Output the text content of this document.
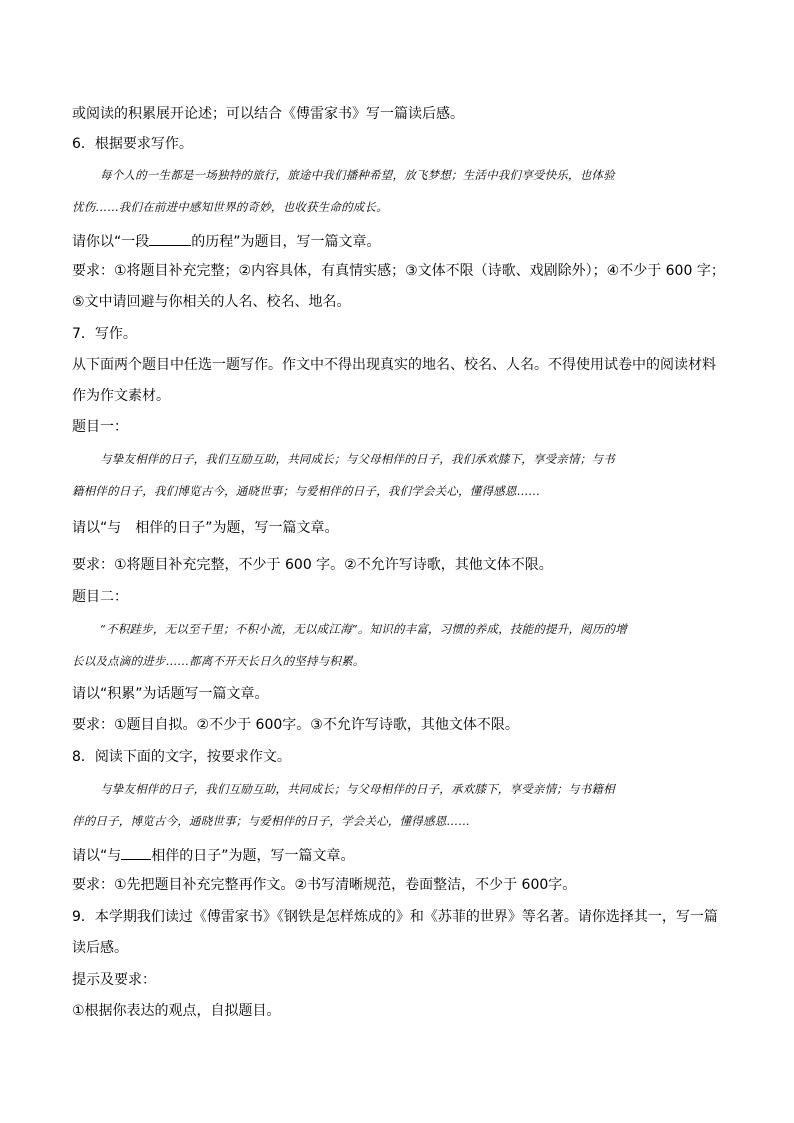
或阅读的积累展开论述；可以结合《傅雷家书》写一篇读后感。
6．根据要求写作。
每个人的一生都是一场独特的旅行，旅途中我们播种希望，放飞梦想；生活中我们享受快乐，也体验
忧伤……我们在前进中感知世界的奇妙，也收获生命的成长。
请你以“一段	的历程”为题目，写一篇文章。
要求：①将题目补充完整；②内容具体，有真情实感；③文体不限（诗歌、戏剧除外）；④不少于 600 字；
⑤文中请回避与你相关的人名、校名、地名。
7．写作。
从下面两个题目中任选一题写作。作文中不得出现真实的地名、校名、人名。不得使用试卷中的阅读材料
作为作文素材。
题目一：
与挚友相伴的日子，我们互励互助，共同成长；与父母相伴的日子，我们承欢膝下，享受亲情；与书
籍相伴的日子，我们博览古今，通晓世事；与爱相伴的日子，我们学会关心，懂得感恩……
请以“与　相伴的日子”为题，写一篇文章。
要求：①将题目补充完整，不少于 600 字。②不允许写诗歌，其他文体不限。
题目二：
“不积跬步，无以至千里；不积小流，无以成江海”。知识的丰富，习惯的养成，技能的提升，阅历的增
长以及点滴的进步……都离不开天长日久的坚持与积累。
请以“积累”为话题写一篇文章。
要求：①题目自拟。②不少于 600字。③不允许写诗歌，其他文体不限。
8．阅读下面的文字，按要求作文。
与挚友相伴的日子，我们互励互助，共同成长；与父母相伴的日子，承欢膝下，享受亲情；与书籍相
伴的日子，博览古今，通晓世事；与爱相伴的日子，学会关心，懂得感恩……
请以“与 相伴的日子”为题，写一篇文章。
要求：①先把题目补充完整再作文。②书写清晰规范，卷面整洁，不少于 600字。
9．本学期我们读过《傅雷家书》《钢铁是怎样炼成的》和《苏菲的世界》等名著。请你选择其一，写一篇
读后感。
提示及要求：
①根据你表达的观点，自拟题目。
